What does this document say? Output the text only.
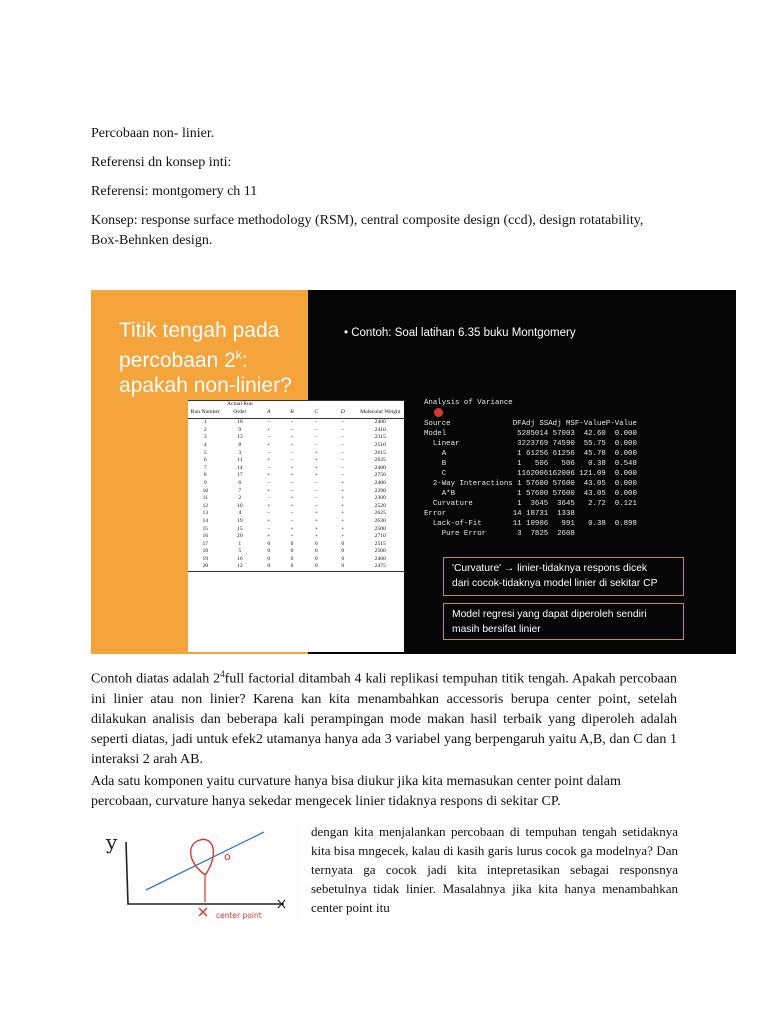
Percobaan non- linier.

Referensi dn konsep inti:

Referensi: montgomery ch 11

Konsep: response surface methodology (RSM), central composite design (ccd), design rotatability, Box-Behnken design.

Titik tengah pada
percobaan 2$^k$:
apakah non-linier?
• Contoh: Soal latihan 6.35 buku Montgomery
Run Number	Actual Run Order	A	B	C	D	Molecular Weight
1	18	−	−	−	−	2400
2	9	+	−	−	−	2410
3	13	−	+	−	−	2315
4	8	+	+	−	−	2510
5	3	−	−	+	−	2615
6	11	+	−	+	−	2625
7	14	−	+	+	−	2400
8	17	+	+	+	−	2750
9	6	−	−	−	+	2400
10	7	+	−	−	+	2390
11	2	−	+	−	+	2300
12	10	+	+	−	+	2520
13	4	−	−	+	+	2625
14	19	+	−	+	+	2630
15	15	−	+	+	+	2500
16	20	+	+	+	+	2710
17	1	0	0	0	0	2515
18	5	0	0	0	0	2500
19	16	0	0	0	0	2400
20	12	0	0	0	0	2475
Analysis of Variance
Source	DF	Adj SS	Adj MS	F-Value	P-Value
Model	5	285014	57003	42.60	0.000
Linear	3	223769	74590	55.75	0.000
A	1	61256	61256	45.78	0.000
B	1	506	506	0.38	0.548
C	1	162006	162006	121.09	0.000
2-Way Interactions	1	57600	57600	43.05	0.000
A*B	1	57600	57600	43.05	0.000
Curvature	1	3645	3645	2.72	0.121
Error	14	18731	1338		
Lack-of-Fit	11	10906	991	0.38	0.898
Pure Error	3	7825	2608		
'Curvature' → linier-tidaknya respons dicek
dari cocok-tidaknya model linier di sekitar CP
Model regresi yang dapat diperoleh sendiri
masih bersifat linier

Contoh diatas adalah $2^4full$ factorial ditambah 4 kali replikasi tempuhan titik tengah. Apakah percobaan ini linier atau non linier? Karena kan kita menambahkan accessoris berupa center point, setelah dilakukan analisis dan beberapa kali perampingan mode makan hasil terbaik yang diperoleh adalah seperti diatas, jadi untuk efek2 utamanya hanya ada 3 variabel yang berpengaruh yaitu A,B, dan C dan 1 interaksi 2 arah AB.

Ada satu komponen yaitu curvature hanya bisa diukur jika kita memasukan center point dalam percobaan, curvature hanya sekedar mengecek linier tidaknya respons di sekitar CP.

y
o
center point

dengan kita menjalankan percobaan di tempuhan tengah setidaknya kita bisa mngecek, kalau di kasih garis lurus cocok ga modelnya? Dan ternyata ga cocok jadi kita intepretasikan sebagai responsnya sebetulnya tidak linier. Masalahnya jika kita hanya menambahkan center point itu
